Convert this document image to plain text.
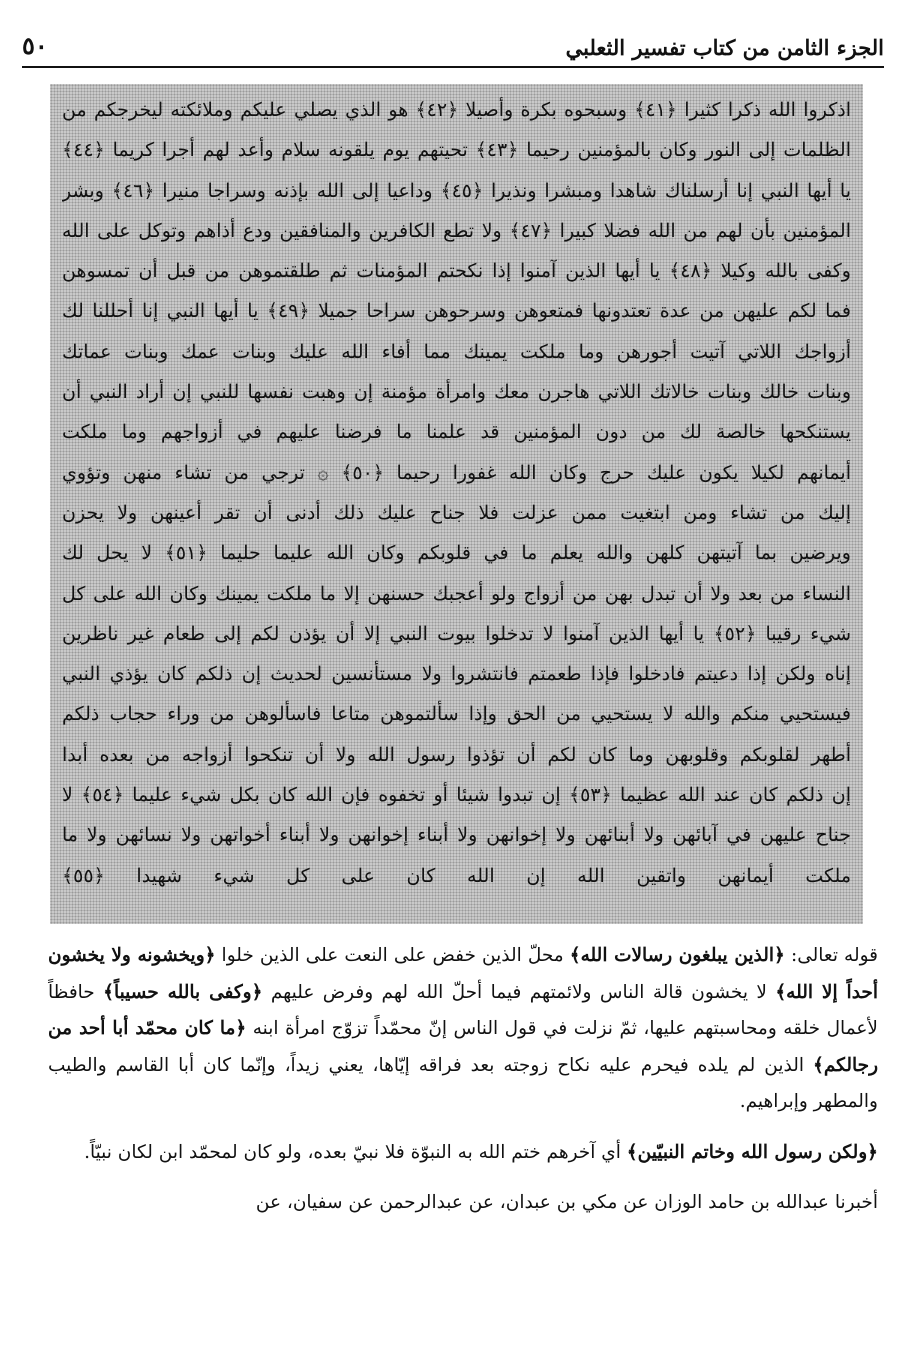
٥٠	الجزء الثامن من كتاب تفسير الثعلبي
اذكروا الله ذكرا كثيرا ﴿٤١﴾ وسبحوه بكرة وأصيلا ﴿٤٢﴾ هو الذي يصلي عليكم وملائكته ليخرجكم من
الظلمات إلى النور وكان بالمؤمنين رحيما ﴿٤٣﴾ تحيتهم يوم يلقونه سلام وأعد لهم أجرا كريما ﴿٤٤﴾
يا أيها النبي إنا أرسلناك شاهدا ومبشرا ونذيرا ﴿٤٥﴾ وداعيا إلى الله بإذنه وسراجا منيرا ﴿٤٦﴾ وبشر
المؤمنين بأن لهم من الله فضلا كبيرا ﴿٤٧﴾ ولا تطع الكافرين والمنافقين ودع أذاهم وتوكل على الله
وكفى بالله وكيلا ﴿٤٨﴾ يا أيها الذين آمنوا إذا نكحتم المؤمنات ثم طلقتموهن من قبل أن تمسوهن
فما لكم عليهن من عدة تعتدونها فمتعوهن وسرحوهن سراحا جميلا ﴿٤٩﴾ يا أيها النبي إنا أحللنا لك
أزواجك اللاتي آتيت أجورهن وما ملكت يمينك مما أفاء الله عليك وبنات عمك وبنات عماتك
وبنات خالك وبنات خالاتك اللاتي هاجرن معك وامرأة مؤمنة إن وهبت نفسها للنبي إن أراد النبي أن
يستنكحها خالصة لك من دون المؤمنين قد علمنا ما فرضنا عليهم في أزواجهم وما ملكت
أيمانهم لكيلا يكون عليك حرج وكان الله غفورا رحيما ﴿٥٠﴾ ۞ ترجي من تشاء منهن وتؤوي
إليك من تشاء ومن ابتغيت ممن عزلت فلا جناح عليك ذلك أدنى أن تقر أعينهن ولا يحزن
ويرضين بما آتيتهن كلهن والله يعلم ما في قلوبكم وكان الله عليما حليما ﴿٥١﴾ لا يحل لك
النساء من بعد ولا أن تبدل بهن من أزواج ولو أعجبك حسنهن إلا ما ملكت يمينك وكان الله على كل
شيء رقيبا ﴿٥٢﴾ يا أيها الذين آمنوا لا تدخلوا بيوت النبي إلا أن يؤذن لكم إلى طعام غير ناظرين
إناه ولكن إذا دعيتم فادخلوا فإذا طعمتم فانتشروا ولا مستأنسين لحديث إن ذلكم كان يؤذي النبي
فيستحيي منكم والله لا يستحيي من الحق وإذا سألتموهن متاعا فاسألوهن من وراء حجاب ذلكم
أطهر لقلوبكم وقلوبهن وما كان لكم أن تؤذوا رسول الله ولا أن تنكحوا أزواجه من بعده أبدا
إن ذلكم كان عند الله عظيما ﴿٥٣﴾ إن تبدوا شيئا أو تخفوه فإن الله كان بكل شيء عليما ﴿٥٤﴾ لا
جناح عليهن في آبائهن ولا أبنائهن ولا إخوانهن ولا أبناء إخوانهن ولا أبناء أخواتهن ولا نسائهن ولا ما
ملكت أيمانهن واتقين الله إن الله كان على كل شيء شهيدا ﴿٥٥﴾

قوله تعالى: ﴿الذين يبلغون رسالات الله﴾ محلّ الذين خفض على النعت على الذين خلوا ﴿ويخشونه ولا يخشون أحداً إلا الله﴾ لا يخشون قالة الناس ولائمتهم فيما أحلّ الله لهم وفرض عليهم ﴿وكفى بالله حسيباً﴾ حافظاً لأعمال خلقه ومحاسبتهم عليها، ثمّ نزلت في قول الناس إنّ محمّداً تزوّج امرأة ابنه ﴿ما كان محمّد أبا أحد من رجالكم﴾ الذين لم يلده فيحرم عليه نكاح زوجته بعد فراقه إيّاها، يعني زيداً، وإنّما كان أبا القاسم والطيب والمطهر وإبراهيم.

﴿ولكن رسول الله وخاتم النبيّين﴾ أي آخرهم ختم الله به النبوّة فلا نبيّ بعده، ولو كان لمحمّد ابن لكان نبيّاً.

أخبرنا عبدالله بن حامد الوزان عن مكي بن عبدان، عن عبدالرحمن عن سفيان، عن
